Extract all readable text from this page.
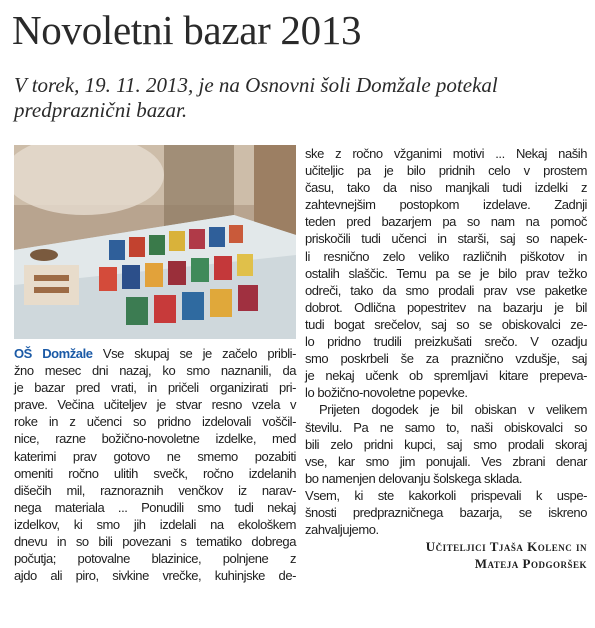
Novoletni bazar 2013
V torek, 19. 11. 2013, je na Osnovni šoli Domžale potekal
predpraznični bazar.
OŠ Domžale Vse skupaj se je začelo pribli-
žno mesec dni nazaj, ko smo naznanili, da
je bazar pred vrati, in pričeli organizirati pri-
prave. Večina učiteljev je stvar resno vzela v
roke in z učenci so pridno izdelovali voščil-
nice, razne božično-novoletne izdelke, med
katerimi prav gotovo ne smemo pozabiti
omeniti ročno ulitih svečk, ročno izdelanih
dišečih mil, raznoraznih venčkov iz narav-
nega materiala ... Ponudili smo tudi nekaj
izdelkov, ki smo jih izdelali na ekološkem
dnevu in so bili povezani s tematiko dobrega
počutja; potovalne blazinice, polnjene z
ajdo ali piro, sivkine vrečke, kuhinjske de-
ske z ročno vžganimi motivi ... Nekaj naših
učiteljic pa je bilo pridnih celo v prostem
času, tako da niso manjkali tudi izdelki z
zahtevnejšim postopkom izdelave. Zadnji
teden pred bazarjem pa so nam na pomoč
priskočili tudi učenci in starši, saj so napek-
li resnično zelo veliko različnih piškotov in
ostalih slaščic. Temu pa se je bilo prav težko
odreči, tako da smo prodali prav vse paketke
dobrot. Odlična popestritev na bazarju je bil
tudi bogat srečelov, saj so se obiskovalci ze-
lo pridno trudili preizkušati srečo. V ozadju
smo poskrbeli še za praznično vzdušje, saj
je nekaj učenk ob spremljavi kitare prepeva-
lo božično-novoletne popevke.
Prijeten dogodek je bil obiskan v velikem
številu. Pa ne samo to, naši obiskovalci so
bili zelo pridni kupci, saj smo prodali skoraj
vse, kar smo jim ponujali. Ves zbrani denar
bo namenjen delovanju šolskega sklada.
Vsem, ki ste kakorkoli prispevali k uspe-
šnosti predprazničnega bazarja, se iskreno
zahvaljujemo.
Učiteljici Tjaša Kolenc in
Mateja Podgoršek
